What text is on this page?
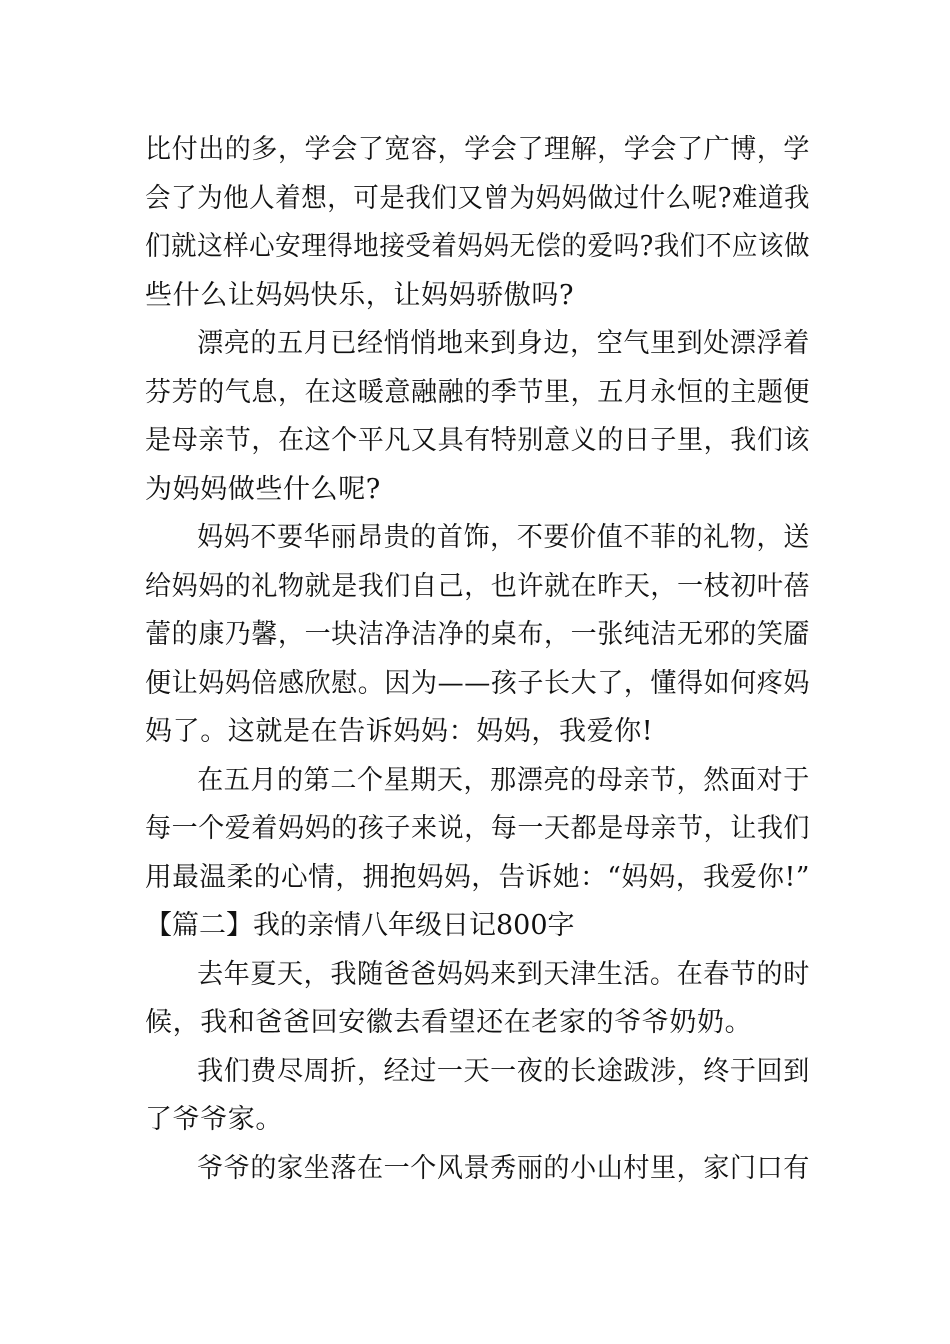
比付出的多，学会了宽容，学会了理解，学会了广博，学
会了为他人着想，可是我们又曾为妈妈做过什么呢?难道我
们就这样心安理得地接受着妈妈无偿的爱吗?我们不应该做
些什么让妈妈快乐，让妈妈骄傲吗?
漂亮的五月已经悄悄地来到身边，空气里到处漂浮着
芬芳的气息，在这暖意融融的季节里，五月永恒的主题便
是母亲节，在这个平凡又具有特别意义的日子里，我们该
为妈妈做些什么呢?
妈妈不要华丽昂贵的首饰，不要价值不菲的礼物，送
给妈妈的礼物就是我们自己，也许就在昨天，一枝初叶蓓
蕾的康乃馨，一块洁净洁净的桌布，一张纯洁无邪的笑靥
便让妈妈倍感欣慰。因为——孩子长大了，懂得如何疼妈
妈了。这就是在告诉妈妈：妈妈，我爱你!
在五月的第二个星期天，那漂亮的母亲节，然面对于
每一个爱着妈妈的孩子来说，每一天都是母亲节，让我们
用最温柔的心情，拥抱妈妈，告诉她：“妈妈，我爱你!”
【篇二】我的亲情八年级日记800字
去年夏天，我随爸爸妈妈来到天津生活。在春节的时
候，我和爸爸回安徽去看望还在老家的爷爷奶奶。
我们费尽周折，经过一天一夜的长途跋涉，终于回到
了爷爷家。
爷爷的家坐落在一个风景秀丽的小山村里，家门口有
